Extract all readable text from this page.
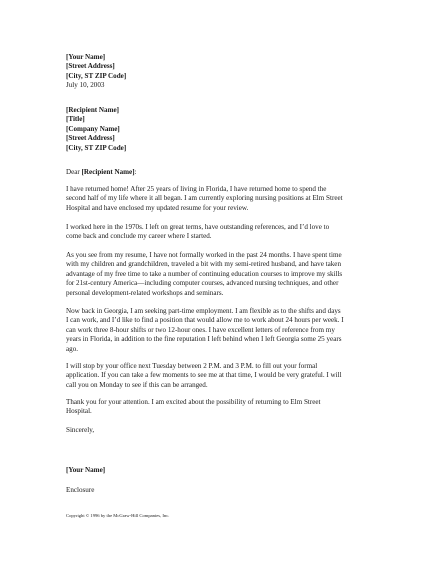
[Your Name]
[Street Address]
[City, ST ZIP Code]
July 10, 2003
[Recipient Name]
[Title]
[Company Name]
[Street Address]
[City, ST ZIP Code]
Dear [Recipient Name]:
I have returned home! After 25 years of living in Florida, I have returned home to spend the
second half of my life where it all began. I am currently exploring nursing positions at Elm Street
Hospital and have enclosed my updated resume for your review.
I worked here in the 1970s. I left on great terms, have outstanding references, and I’d love to
come back and conclude my career where I started.
As you see from my resume, I have not formally worked in the past 24 months. I have spent time
with my children and grandchildren, traveled a bit with my semi-retired husband, and have taken
advantage of my free time to take a number of continuing education courses to improve my skills
for 21st-century America—including computer courses, advanced nursing techniques, and other
personal development-related workshops and seminars.
Now back in Georgia, I am seeking part-time employment. I am flexible as to the shifts and days
I can work, and I’d like to find a position that would allow me to work about 24 hours per week. I
can work three 8-hour shifts or two 12-hour ones. I have excellent letters of reference from my
years in Florida, in addition to the fine reputation I left behind when I left Georgia some 25 years
ago.
I will stop by your office next Tuesday between 2 P.M. and 3 P.M. to fill out your formal
application. If you can take a few moments to see me at that time, I would be very grateful. I will
call you on Monday to see if this can be arranged.
Thank you for your attention. I am excited about the possibility of returning to Elm Street
Hospital.
Sincerely,
[Your Name]
Enclosure
Copyright © 1996 by the McGraw-Hill Companies, Inc.
